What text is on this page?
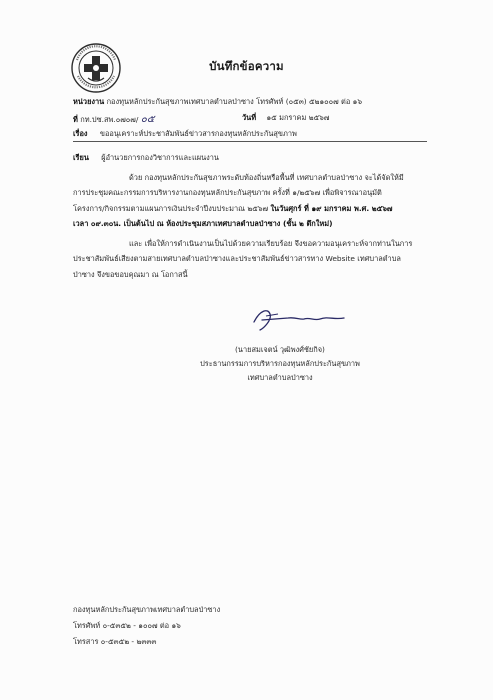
บันทึกข้อความ
หน่วยงาน กองทุนหลักประกันสุขภาพเทศบาลตำบลป่าซาง โทรศัพท์ (๐๕๓) ๕๒๑๐๐๗ ต่อ ๑๖
ที่ กท.ปซ.สพ.๐๗๐๗/ ๐๕	วันที่ ๑๕ มกราคม ๒๕๖๗
เรื่อง ขออนุเคราะห์ประชาสัมพันธ์ข่าวสารกองทุนหลักประกันสุขภาพ
เรียน ผู้อำนวยการกองวิชาการและแผนงาน

ด้วย กองทุนหลักประกันสุขภาพระดับท้องถิ่นหรือพื้นที่ เทศบาลตำบลป่าซาง จะได้จัดให้มี

การประชุมคณะกรรมการบริหารงานกองทุนหลักประกันสุขภาพ ครั้งที่ ๑/๒๕๖๗ เพื่อพิจารณาอนุมัติ

โครงการ/กิจกรรมตามแผนการเงินประจำปีงบประมาณ ๒๕๖๗ ในวันศุกร์ ที่ ๑๙ มกราคม พ.ศ. ๒๕๖๗

เวลา ๐๙.๓๐น. เป็นต้นไป ณ ห้องประชุมสภาเทศบาลตำบลป่าซาง (ชั้น ๒ ตึกใหม่)

และ เพื่อให้การดำเนินงานเป็นไปด้วยความเรียบร้อย จึงขอความอนุเคราะห์จากท่านในการ

ประชาสัมพันธ์เสียงตามสายเทศบาลตำบลป่าซางและประชาสัมพันธ์ข่าวสารทาง Website เทศบาลตำบล

ป่าซาง จึงขอขอบคุณมา ณ โอกาสนี้

(นายสมเจตน์ วุฒิพงศ์ชัยกิจ)
ประธานกรรมการบริหารกองทุนหลักประกันสุขภาพ
เทศบาลตำบลป่าซาง
กองทุนหลักประกันสุขภาพเทศบาลตำบลป่าซาง
โทรศัพท์ ๐-๕๓๕๒ - ๑๐๐๗ ต่อ ๑๖
โทรสาร ๐-๕๓๕๒ - ๒๓๓๓
